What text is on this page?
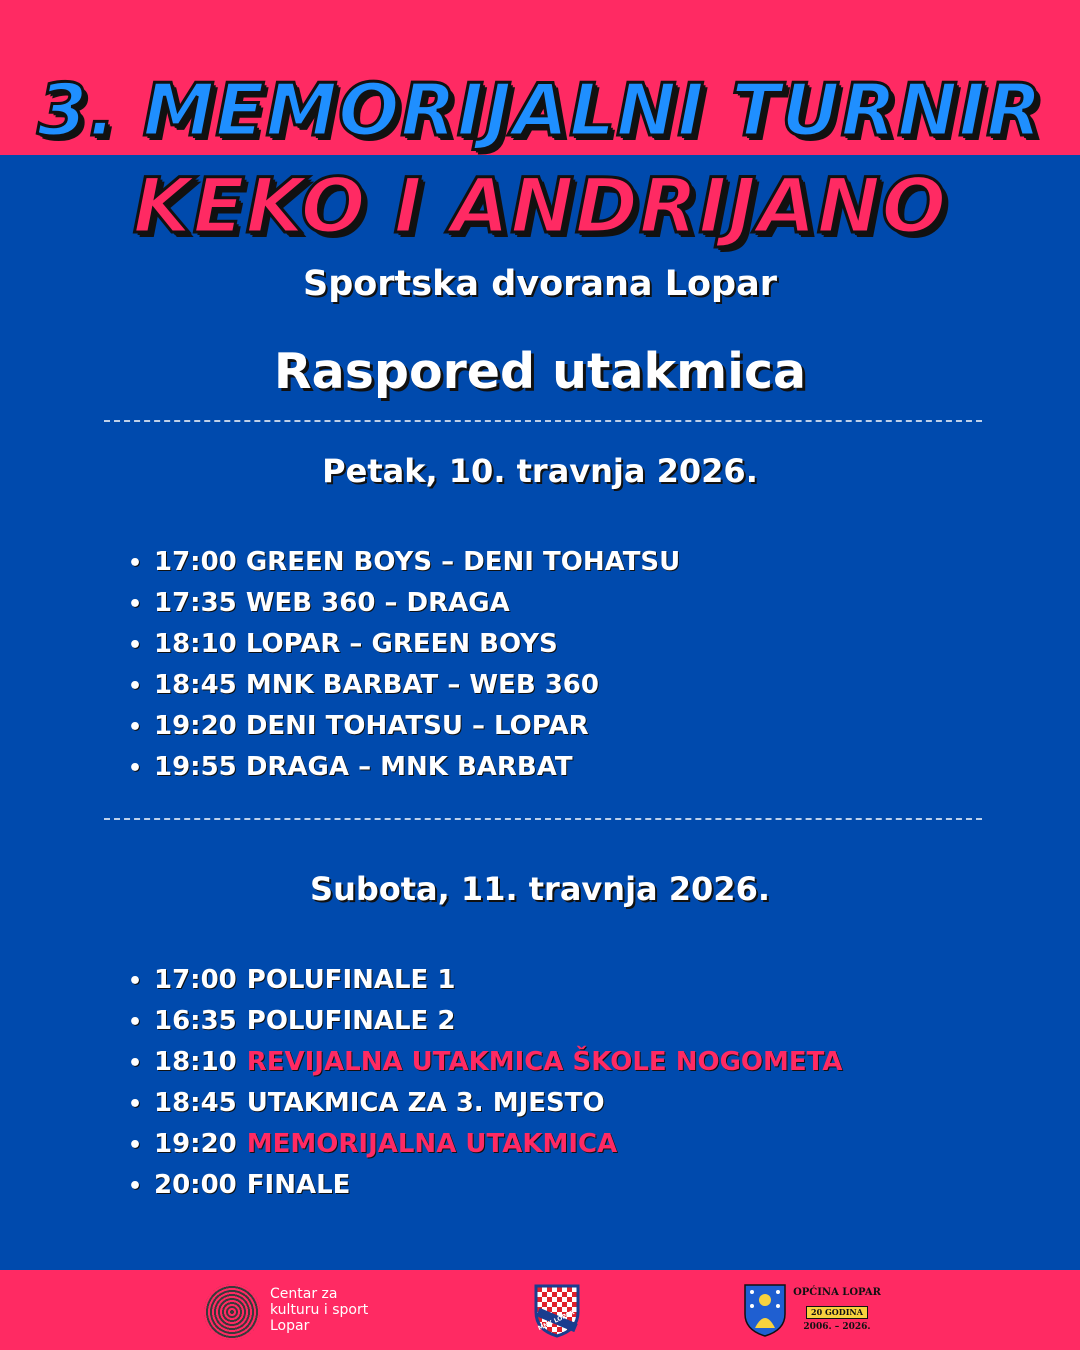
3. MEMORIJALNI TURNIR
KEKO I ANDRIJANO
Sportska dvorana Lopar
Raspored utakmica
Petak, 10. travnja 2026.
• 17:00 GREEN BOYS – DENI TOHATSU
• 17:35 WEB 360 – DRAGA
• 18:10 LOPAR – GREEN BOYS
• 18:45 MNK BARBAT – WEB 360
• 19:20 DENI TOHATSU – LOPAR
• 19:55 DRAGA – MNK BARBAT
Subota, 11. travnja 2026.
• 17:00 POLUFINALE 1
• 16:35 POLUFINALE 2
• 18:10 REVIJALNA UTAKMICA ŠKOLE NOGOMETA
• 18:45 UTAKMICA ZA 3. MJESTO
• 19:20 MEMORIJALNA UTAKMICA
• 20:00 FINALE
Centar za
kulturu i sport
Lopar	MNK LOPAR
OPĆINA LOPAR
20 GODINA
2006. – 2026.
